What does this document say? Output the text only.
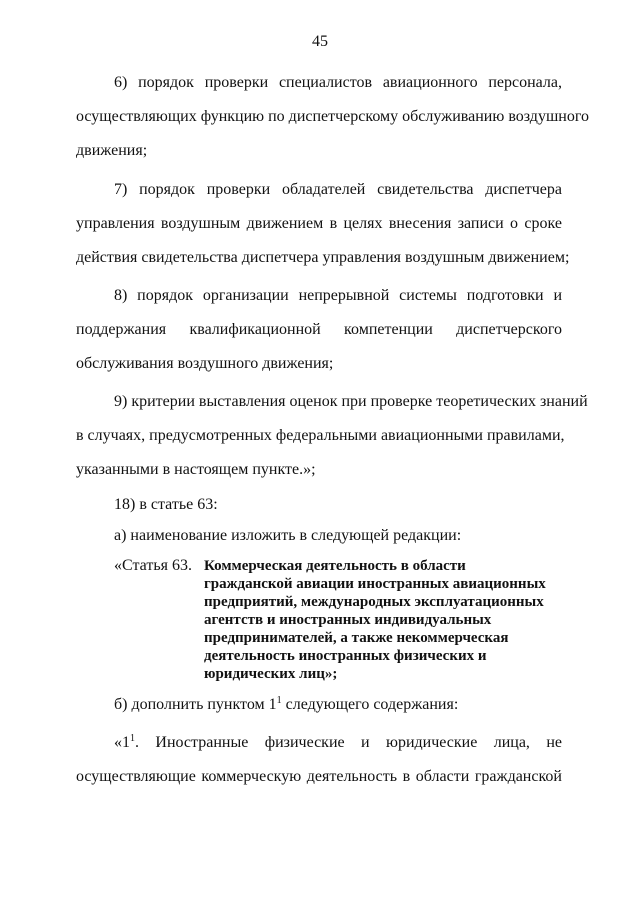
45
6) порядок проверки специалистов авиационного персонала,
осуществляющих функцию по диспетчерскому обслуживанию воздушного
движения;
7) порядок проверки обладателей свидетельства диспетчера
управления воздушным движением в целях внесения записи о сроке
действия свидетельства диспетчера управления воздушным движением;
8) порядок организации непрерывной системы подготовки и
поддержания квалификационной компетенции диспетчерского
обслуживания воздушного движения;
9) критерии выставления оценок при проверке теоретических знаний
в случаях, предусмотренных федеральными авиационными правилами,
указанными в настоящем пункте.»;
18) в статье 63:
а) наименование изложить в следующей редакции:
«Статья 63. Коммерческая деятельность в области
гражданской авиации иностранных авиационных
предприятий, международных эксплуатационных
агентств и иностранных индивидуальных
предпринимателей, а также некоммерческая
деятельность иностранных физических и
юридических лиц»;
б) дополнить пунктом $1^1$ следующего содержания:
«$1^1$. Иностранные физические и юридические лица, не
осуществляющие коммерческую деятельность в области гражданской
